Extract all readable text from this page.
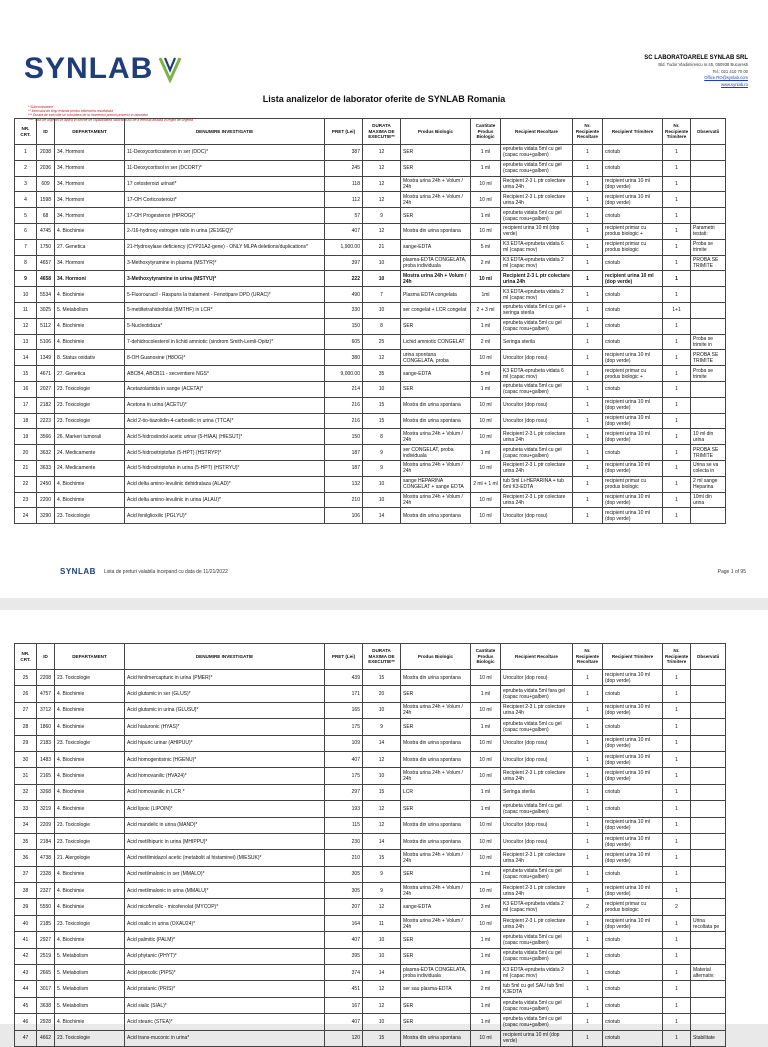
SYNLAB	SC LABORATOARELE SYNLAB SRL
Bld. Tudor Vladimirescu nr.45, 050938 Bucuresti
Tel.: 021 410 70 00
Office.RO@synlab.com
www.synlab.ro
Lista analizelor de laborator oferite de SYNLAB Romania
* Subcontractare
** Intervalul de timp estimat pentru eliberarea rezultatului
*** Durata de executie se considera de la momentul primirii probelor in laborator
**** Taxa de urgenta se aplica in functie de capabilitatea laboratorului de a efectua analiza in regim de urgenta
NR. CRT.	ID	DEPARTAMENT	DENUMIRE INVESTIGATIE	PRET (Lei)	DURATA MAXIMA DE EXECUTIE**	Produs Biologic	Cantitate Produs Biologic	Recipient Recoltare	Nr. Recipiente Recoltare	Recipient Trimitere	Nr. Recipiente Trimitere	Observatii
1	2038	34. Hormoni	11-Deoxycorticosteron in ser (DOC)*	387	12	SER	1 ml	eprubeta vidata 5ml cu gel (capac rosu+galben)	1	criotub	1	
2	2036	34. Hormoni	11-Deoxycortisol in ser (DCORT)*	245	12	SER	1 ml	eprubeta vidata 5ml cu gel (capac rosu+galben)	1	criotub	1	
3	609	34. Hormoni	17 cetosteroizi urinari*	118	12	Mostra urina 24h + Volum / 24h	10 ml	Recipient 2-3 L ptr colectare urina 24h	1	recipient urina 10 ml (dop verde)	1	
4	1598	34. Hormoni	17-OH Corticosteroizi*	112	12	Mostra urina 24h + Volum / 24h	10 ml	Recipient 2-3 L ptr colectare urina 24h	1	recipient urina 10 ml (dop verde)	1	
5	68	34. Hormoni	17-OH Progesteron (HPROG)*	57	9	SER	1 ml	eprubeta vidata 5ml cu gel (capac rosu+galben)	1	criotub	1	
6	4745	4. Biochimie	2-/16-hydroxy estrogen ratio in urina (2E16EQ)*	407	12	Mostra din urina spontana	10 ml	recipient urina 10 ml (dop verde)	1	recipient primar cu produs biologic +	1	Parametri testati:
7	1750	27. Genetica	21-Hydroxylase deficiency (CYP21A2-gene) - ONLY MLPA deletions/duplications*	1,900.00	21	sange-EDTA	5 ml	K3 EDTA-eprubeta vidata 6 ml (capac mov)	1	recipient primar cu produs biologic	1	Proba se trimite
8	4657	34. Hormoni	3-Methoxytyramine in plasma (MSTYR)*	397	10	plasma-EDTA CONGELATA, proba individuala	2 ml	K3 EDTA-eprubeta vidata 2 ml (capac mov)	1	criotub	1	PROBA SE TRIMITE
9	4658	34. Hormoni	3-Methoxytyramine in urina (MSTYU)*	222	10	Mostra urina 24h + Volum / 24h	10 ml	Recipient 2-3 L ptr colectare urina 24h	1	recipient urina 10 ml (dop verde)	1	
10	5534	4. Biochimie	5-Fluorouracil - Raspuns la tratament - Fenotipare DPD (URAC)*	490	7	Plasma EDTA congelata	1ml	K3 EDTA-eprubeta vidata 2 ml (capac mov)	1	criotub	1	
11	3025	5. Metabolism	5-metiltetrahidrofolat (5MTHF) in LCR*	330	10	ser congelat + LCR congelat	2 + 3 ml	eprubeta vidata 5ml cu gel + seringa sterila	1	criotub	1+1	
12	5112	4. Biochimie	5-Nucleotidaza*	150	8	SER	1 ml	eprubeta vidata 5ml cu gel (capac rosu+galben)	1	criotub	1	
13	5106	4. Biochimie	7-dehidrocolesterol in lichid amniotic (sindrom Smith-Lemli-Opitz)*	605	25	Lichid amniotic CONGELAT	2 ml	Seringa sterila	1	criotub	1	Proba se trimite in
14	1349	8. Status oxidativ	8-OH Guanosine (H8OG)*	380	12	urina spontana CONGELATA, proba	10 ml	Urocultor (dop rosu)	1	recipient urina 10 ml (dop verde)	1	PROBA SE TRIMITE
15	4671	27. Genetica	ABCB4, ABCB11 - secventiere NGS*	9,000.00	35	sange-EDTA	5 ml	K3 EDTA-eprubeta vidata 6 ml (capac mov)	1	recipient primar cu produs biologic +	1	Proba se trimite
16	2027	23. Toxicologie	Acetazolamida in sange (ACETA)*	214	10	SER	1 ml	eprubeta vidata 5ml cu gel (capac rosu+galben)	1	criotub	1	
17	2182	23. Toxicologie	Acetona in urina (ACETU)*	216	15	Mostra din urina spontana	10 ml	Urocultor (dop rosu)	1	recipient urina 10 ml (dop verde)	1	
18	2223	23. Toxicologie	Acid 2-tio-tiazolidin-4-carboxilic in urina (TTCA)*	216	15	Mostra din urina spontana	10 ml	Urocultor (dop rosu)	1	recipient urina 10 ml (dop verde)	1	
19	3566	26. Markeri tumorali	Acid 5-hidroxiindol acetic urinar (5-HIAA) (HIESUT)*	150	8	Mostra urina 24h + Volum / 24h	10 ml	Recipient 2-3 L ptr colectare urina 24h	1	recipient urina 10 ml (dop verde)	1	10 ml din urina
20	3632	24. Medicamente	Acid 5-hidroxitriptofan (5-HPT) (HSTRYP)*	187	9	ser CONGELAT, proba individuala	1 ml	eprubeta vidata 5ml cu gel (capac rosu+galben)	1	criotub	1	PROBA SE TRIMITE
21	3633	24. Medicamente	Acid 5-hidroxitriptofan in urina (5-HPT) (HSTRYU)*	187	9	Mostra urina 24h + Volum / 24h	10 ml	Recipient 2-3 L ptr colectare urina 24h	1	recipient urina 10 ml (dop verde)	1	Urina se va colecta in
22	2450	4. Biochimie	Acid delta amino-levulinic dehidrataza (ALAD)*	132	10	sange HEPARINA CONGELAT + sange EDTA	2 ml + 1 ml	tub 5ml Li-HEPARINA + tub 6ml K3-EDTA	1	recipient primar cu produs biologic	1	2 ml sange Heparina
23	2200	4. Biochimie	Acid delta amino-levulinic in urina (ALAU)*	210	10	Mostra urina 24h + Volum / 24h	10 ml	Recipient 2-3 L ptr colectare urina 24h	1	recipient urina 10 ml (dop verde)	1	10ml din urina
24	3290	23. Toxicologie	Acid fenilglioxilic (PGLYU)*	106	14	Mostra din urina spontana	10 ml	Urocultor (dop rosu)	1	recipient urina 10 ml (dop verde)	1	
SYNLAB Lista de preturi valabila incepand cu data de 11/21/2022	Page 1 of 95
NR. CRT.	ID	DEPARTAMENT	DENUMIRE INVESTIGATIE	PRET (Lei)	DURATA MAXIMA DE EXECUTIE**	Produs Biologic	Cantitate Produs Biologic	Recipient Recoltare	Nr. Recipiente Recoltare	Recipient Trimitere	Nr. Recipiente Trimitere	Observatii
25	2208	23. Toxicologie	Acid fenilmercapturic in urina (PMER)*	439	15	Mostra din urina spontana	10 ml	Urocultor (dop rosu)	1	recipient urina 10 ml (dop verde)	1	
26	4757	4. Biochimie	Acid glutamic in ser (GLUS)*	171	20	SER	1 ml	eprubeta vidata 5ml fara gel (capac rosu+galben)	1	criotub	1	
27	3712	4. Biochimie	Acid glutamic in urina (GLUSU)*	165	10	Mostra urina 24h + Volum / 24h	10 ml	Recipient 2-3 L ptr colectare urina 24h	1	recipient urina 10 ml (dop verde)	1	
28	1860	4. Biochimie	Acid hialuronic (HYAS)*	175	9	SER	1 ml	eprubeta vidata 5ml cu gel (capac rosu+galben)	1	criotub	1	
29	2183	23. Toxicologie	Acid hipuric urinar (AHIPUU)*	109	14	Mostra din urina spontana	10 ml	Urocultor (dop rosu)	1	recipient urina 10 ml (dop verde)	1	
30	1483	4. Biochimie	Acid homogentisinic (HGENU)*	407	12	Mostra din urina spontana	10 ml	Urocultor (dop rosu)	1	recipient urina 10 ml (dop verde)	1	
31	2165	4. Biochimie	Acid homovanilic (HVA24)*	175	10	Mostra urina 24h + Volum / 24h	10 ml	Recipient 2-3 L ptr colectare urina 24h	1	recipient urina 10 ml (dop verde)	1	
32	3268	4. Biochimie	Acid homovanilic in LCR *	297	15	LCR	1 ml	Seringa sterila	1	criotub	1	
33	3219	4. Biochimie	Acid lipoic (LIPOIN)*	193	12	SER	1 ml	eprubeta vidata 5ml cu gel (capac rosu+galben)	1	criotub	1	
34	2209	23. Toxicologie	Acid mandelic in urina (MAND)*	115	12	Mostra din urina spontana	10 ml	Urocultor (dop rosu)	1	recipient urina 10 ml (dop verde)	1	
35	2184	23. Toxicologie	Acid metilhipuric in urina (MHIPPU)*	230	14	Mostra din urina spontana	10 ml	Urocultor (dop rosu)	1	recipient urina 10 ml (dop verde)	1	
36	4738	21. Alergologie	Acid metilimidazol acetic (metabolit al histaminei) (MIESUK)*	210	15	Mostra urina 24h + Volum / 24h	10 ml	Recipient 2-3 L ptr colectare urina 24h	1	recipient urina 10 ml (dop verde)	1	
37	2328	4. Biochimie	Acid metilmalonic in ser (MMALO)*	305	9	SER	1 ml	eprubeta vidata 5ml cu gel (capac rosu+galben)	1	criotub	1	
38	2327	4. Biochimie	Acid metilmalonic in urina (MMALU)*	305	9	Mostra urina 24h + Volum / 24h	10 ml	Recipient 2-3 L ptr colectare urina 24h	1	recipient urina 10 ml (dop verde)	1	
39	5550	4. Biochimie	Acid micofenolic - micofenolat (MYCOP)*	207	12	sange-EDTA	3 ml	K3 EDTA-eprubeta vidata 2 ml (capac mov)	2	recipient primar cu produs biologic	2	
40	2185	23. Toxicologie	Acid oxalic in urina (OXAU24)*	164	11	Mostra urina 24h + Volum / 24h	10 ml	Recipient 2-3 L ptr colectare urina 24h	1	recipient urina 10 ml (dop verde)	1	Urina recoltata pe
41	2927	4. Biochimie	Acid palmitic (PALM)*	407	10	SER	1 ml	eprubeta vidata 5ml cu gel (capac rosu+galben)	1	criotub	1	
42	2519	5. Metabolism	Acid phytanic (PHYT)*	395	10	SER	1 ml	eprubeta vidata 5ml cu gel (capac rosu+galben)	1	criotub	1	
43	2665	5. Metabolism	Acid pipecolic (PIPS)*	374	14	plasma-EDTA CONGELATA, proba individuala	1 ml	K3 EDTA-eprubeta vidata 2 ml (capac mov)	1	criotub	1	Material alternativ:
44	3017	5. Metabolism	Acid pristanic (PRIS)*	451	12	ser sau plasma-EDTA	2 ml	tub 5ml cu gel SAU tub 5ml K3EDTA	1	criotub	1	
45	3638	5. Metabolism	Acid sialic (SIAL)*	167	12	SER	1 ml	eprubeta vidata 5ml cu gel (capac rosu+galben)	1	criotub	1	
46	2928	4. Biochimie	Acid stearic (STEA)*	407	10	SER	1 ml	eprubeta vidata 5ml cu gel (capac rosu+galben)	1	criotub	1	
47	4662	23. Toxicologie	Acid trans-muconic in urina*	120	15	Mostra din urina spontana	10 ml	recipient urina 10 ml (dop verde)	1	criotub	1	Stabilitate
